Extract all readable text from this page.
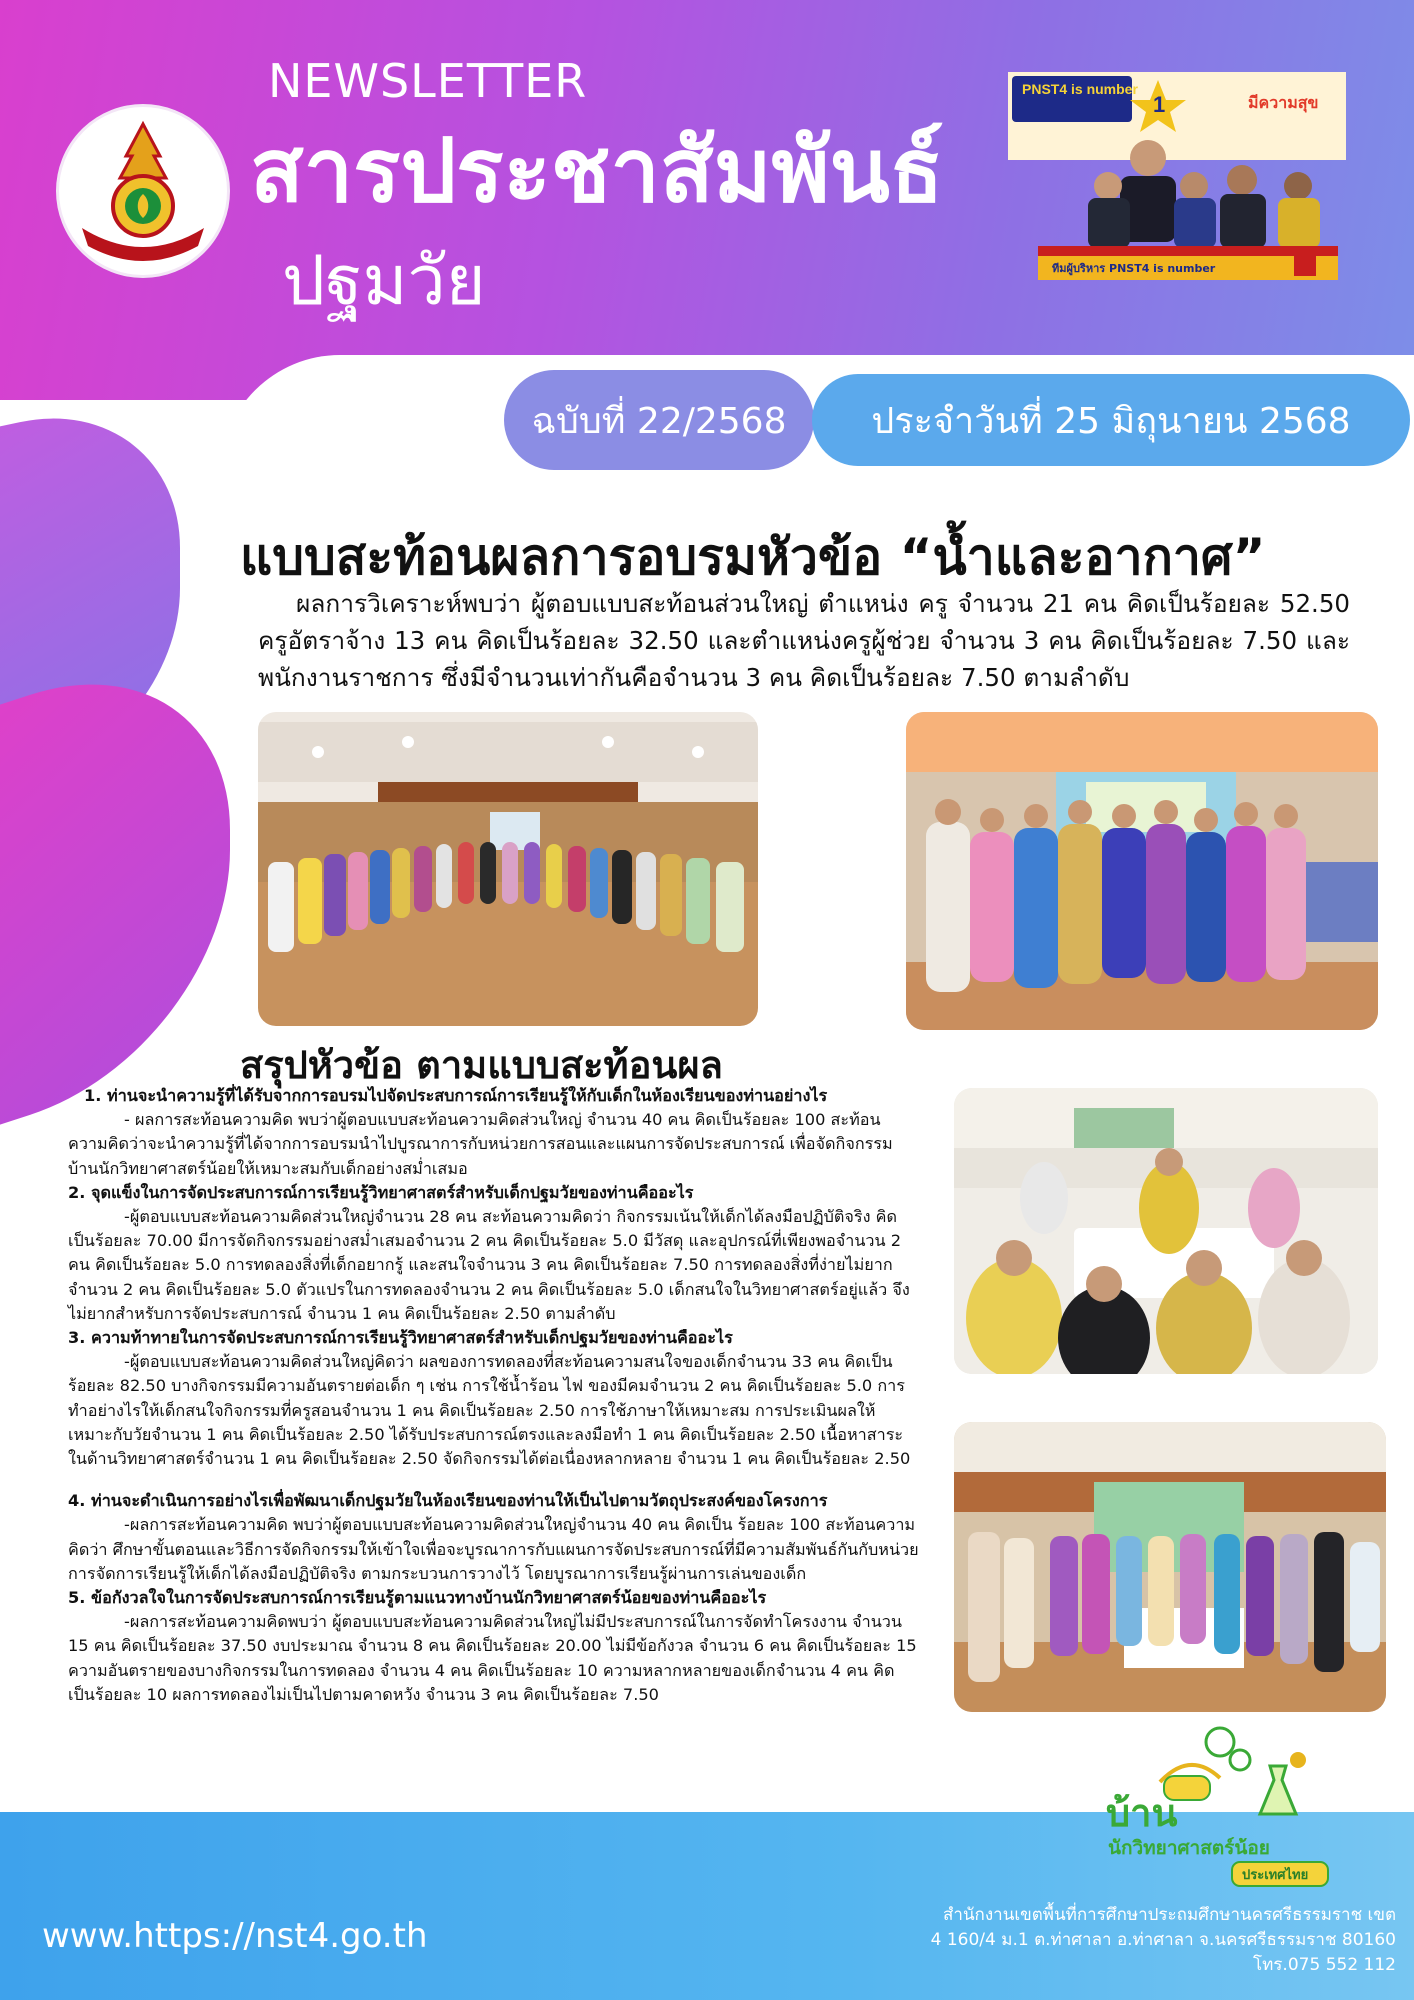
NEWSLETTER
สารประชาสัมพันธ์
ปฐมวัย
PNST4 is number
1	มีความสุข
ทีมผู้บริหาร PNST4 is number
ฉบับที่ 22/2568 ประจำวันที่ 25 มิถุนายน 2568
แบบสะท้อนผลการอบรมหัวข้อ “น้ำและอากาศ”

ผลการวิเคราะห์พบว่า ผู้ตอบแบบสะท้อนส่วนใหญ่ ตำแหน่ง ครู จำนวน 21 คน คิดเป็นร้อยละ 52.50 ครูอัตราจ้าง 13 คน คิดเป็นร้อยละ 32.50 และตำแหน่งครูผู้ช่วย จำนวน 3 คน คิดเป็นร้อยละ 7.50 และพนักงานราชการ ซึ่งมีจำนวนเท่ากันคือจำนวน 3 คน คิดเป็นร้อยละ 7.50 ตามลำดับ

สรุปหัวข้อ ตามแบบสะท้อนผล

1. ท่านจะนำความรู้ที่ได้รับจากการอบรมไปจัดประสบการณ์การเรียนรู้ให้กับเด็กในห้องเรียนของท่านอย่างไร

- ผลการสะท้อนความคิด พบว่าผู้ตอบแบบสะท้อนความคิดส่วนใหญ่ จำนวน 40 คน คิดเป็นร้อยละ 100 สะท้อนความคิดว่าจะนำความรู้ที่ได้จากการอบรมนำไปบูรณาการกับหน่วยการสอนและแผนการจัดประสบการณ์ เพื่อจัดกิจกรรมบ้านนักวิทยาศาสตร์น้อยให้เหมาะสมกับเด็กอย่างสม่ำเสมอ

2. จุดแข็งในการจัดประสบการณ์การเรียนรู้วิทยาศาสตร์สำหรับเด็กปฐมวัยของท่านคืออะไร

-ผู้ตอบแบบสะท้อนความคิดส่วนใหญ่จำนวน 28 คน สะท้อนความคิดว่า กิจกรรมเน้นให้เด็กได้ลงมือปฏิบัติจริง คิดเป็นร้อยละ 70.00 มีการจัดกิจกรรมอย่างสม่ำเสมอจำนวน 2 คน คิดเป็นร้อยละ 5.0 มีวัสดุ และอุปกรณ์ที่เพียงพอจำนวน 2 คน คิดเป็นร้อยละ 5.0 การทดลองสิ่งที่เด็กอยากรู้ และสนใจจำนวน 3 คน คิดเป็นร้อยละ 7.50 การทดลองสิ่งที่ง่ายไม่ยากจำนวน 2 คน คิดเป็นร้อยละ 5.0 ตัวแปรในการทดลองจำนวน 2 คน คิดเป็นร้อยละ 5.0 เด็กสนใจในวิทยาศาสตร์อยู่แล้ว จึงไม่ยากสำหรับการจัดประสบการณ์ จำนวน 1 คน คิดเป็นร้อยละ 2.50 ตามลำดับ

3. ความท้าทายในการจัดประสบการณ์การเรียนรู้วิทยาศาสตร์สำหรับเด็กปฐมวัยของท่านคืออะไร

-ผู้ตอบแบบสะท้อนความคิดส่วนใหญ่คิดว่า ผลของการทดลองที่สะท้อนความสนใจของเด็กจำนวน 33 คน คิดเป็นร้อยละ 82.50 บางกิจกรรมมีความอันตรายต่อเด็ก ๆ เช่น การใช้น้ำร้อน ไฟ ของมีคมจำนวน 2 คน คิดเป็นร้อยละ 5.0 การทำอย่างไรให้เด็กสนใจกิจกรรมที่ครูสอนจำนวน 1 คน คิดเป็นร้อยละ 2.50 การใช้ภาษาให้เหมาะสม การประเมินผลให้เหมาะกับวัยจำนวน 1 คน คิดเป็นร้อยละ 2.50 ได้รับประสบการณ์ตรงและลงมือทำ 1 คน คิดเป็นร้อยละ 2.50 เนื้อหาสาระในด้านวิทยาศาสตร์จำนวน 1 คน คิดเป็นร้อยละ 2.50 จัดกิจกรรมได้ต่อเนื่องหลากหลาย จำนวน 1 คน คิดเป็นร้อยละ 2.50

4. ท่านจะดำเนินการอย่างไรเพื่อพัฒนาเด็กปฐมวัยในห้องเรียนของท่านให้เป็นไปตามวัตถุประสงค์ของโครงการ

-ผลการสะท้อนความคิด พบว่าผู้ตอบแบบสะท้อนความคิดส่วนใหญ่จำนวน 40 คน คิดเป็น ร้อยละ 100 สะท้อนความคิดว่า ศึกษาขั้นตอนและวิธีการจัดกิจกรรมให้เข้าใจเพื่อจะบูรณาการกับแผนการจัดประสบการณ์ที่มีความสัมพันธ์กันกับหน่วยการจัดการเรียนรู้ให้เด็กได้ลงมือปฏิบัติจริง ตามกระบวนการวางไว้ โดยบูรณาการเรียนรู้ผ่านการเล่นของเด็ก

5. ข้อกังวลใจในการจัดประสบการณ์การเรียนรู้ตามแนวทางบ้านนักวิทยาศาสตร์น้อยของท่านคืออะไร

-ผลการสะท้อนความคิดพบว่า ผู้ตอบแบบสะท้อนความคิดส่วนใหญ่ไม่มีประสบการณ์ในการจัดทำโครงงาน จำนวน 15 คน คิดเป็นร้อยละ 37.50 งบประมาณ จำนวน 8 คน คิดเป็นร้อยละ 20.00 ไม่มีข้อกังวล จำนวน 6 คน คิดเป็นร้อยละ 15 ความอันตรายของบางกิจกรรมในการทดลอง จำนวน 4 คน คิดเป็นร้อยละ 10 ความหลากหลายของเด็กจำนวน 4 คน คิดเป็นร้อยละ 10 ผลการทดลองไม่เป็นไปตามคาดหวัง จำนวน 3 คน คิดเป็นร้อยละ 7.50

บ้าน
นักวิทยาศาสตร์น้อย
ประเทศไทย
www.https://nst4.go.th
สำนักงานเขตพื้นที่การศึกษาประถมศึกษานครศรีธรรมราช เขต
4 160/4 ม.1 ต.ท่าศาลา อ.ท่าศาลา จ.นครศรีธรรมราช 80160
โทร.075 552 112
